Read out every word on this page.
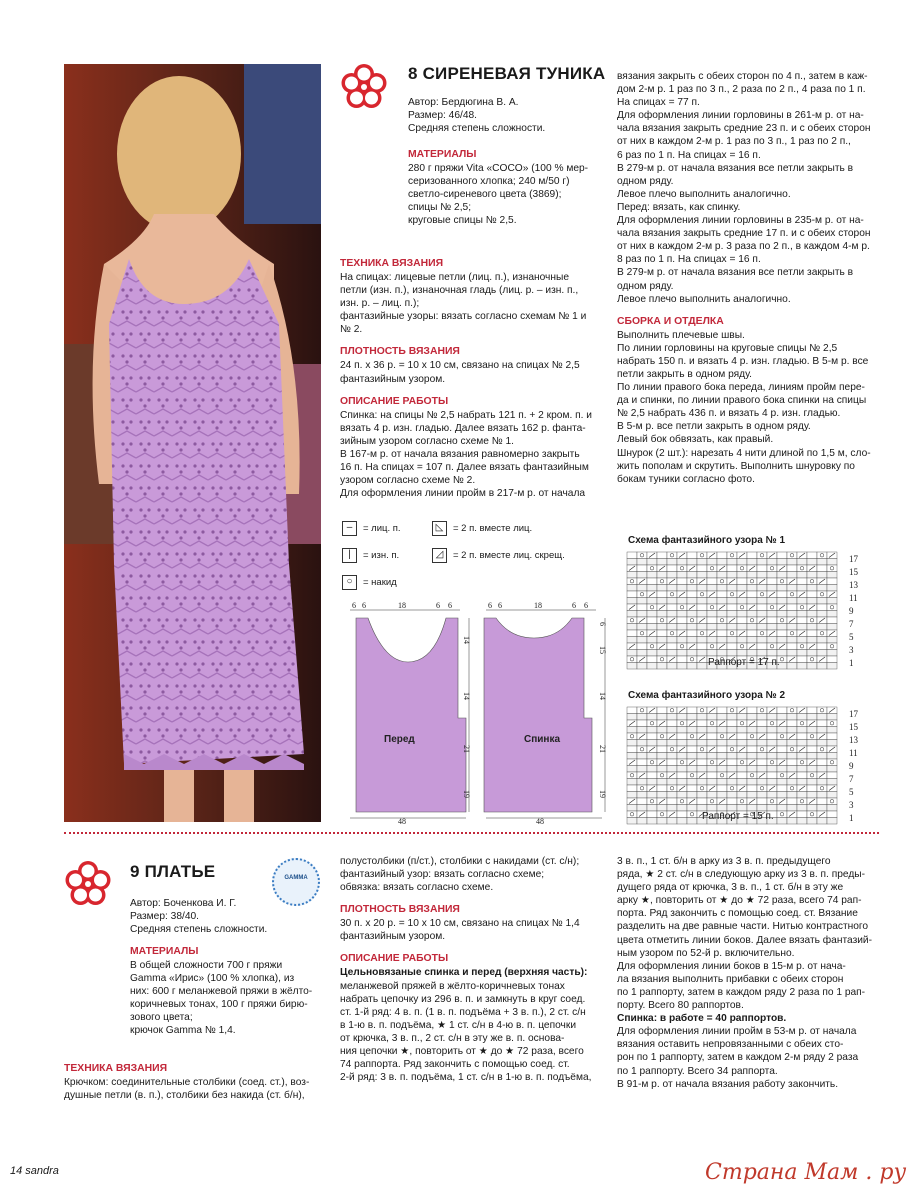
8 СИРЕНЕВАЯ ТУНИКА
Автор: Бердюгина В. А.
Размер: 46/48.
Средняя степень сложности.
МАТЕРИАЛЫ
280 г пряжи Vita «COCO» (100 % мер-
серизованного хлопка; 240 м/50 г)
светло-сиреневого цвета (3869);
спицы № 2,5;
круговые спицы № 2,5.
ТЕХНИКА ВЯЗАНИЯ
На спицах: лицевые петли (лиц. п.), изнаночные
петли (изн. п.), изнаночная гладь (лиц. р. – изн. п.,
изн. р. – лиц. п.);
фантазийные узоры: вязать согласно схемам № 1 и
№ 2.
ПЛОТНОСТЬ ВЯЗАНИЯ
24 п. х 36 р. = 10 х 10 см, связано на спицах № 2,5
фантазийным узором.
ОПИСАНИЕ РАБОТЫ
Спинка: на спицы № 2,5 набрать 121 п. + 2 кром. п. и
вязать 4 р. изн. гладью. Далее вязать 162 р. фанта-
зийным узором согласно схеме № 1.
В 167-м р. от начала вязания равномерно закрыть
16 п. На спицах = 107 п. Далее вязать фантазийным
узором согласно схеме № 2.
Для оформления линии пройм в 217-м р. от начала
– = лиц. п.	◺ = 2 п. вместе лиц.
| = изн. п.	◿ = 2 п. вместе лиц. скрещ.
○ = накид
6 6	18	6 6
14
14
21
19
48
Перед
6 6	18	6 6
6
15
14
21
19
48
Спинка
вязания закрыть с обеих сторон по 4 п., затем в каж-
дом 2-м р. 1 раз по 3 п., 2 раза по 2 п., 4 раза по 1 п.
На спицах = 77 п.
Для оформления линии горловины в 261-м р. от на-
чала вязания закрыть средние 23 п. и с обеих сторон
от них в каждом 2-м р. 1 раз по 3 п., 1 раз по 2 п.,
6 раз по 1 п. На спицах = 16 п.
В 279-м р. от начала вязания все петли закрыть в
одном ряду.
Левое плечо выполнить аналогично.
Перед: вязать, как спинку.
Для оформления линии горловины в 235-м р. от на-
чала вязания закрыть средние 17 п. и с обеих сторон
от них в каждом 2-м р. 3 раза по 2 п., в каждом 4-м р.
8 раз по 1 п. На спицах = 16 п.
В 279-м р. от начала вязания все петли закрыть в
одном ряду.
Левое плечо выполнить аналогично.
СБОРКА И ОТДЕЛКА
Выполнить плечевые швы.
По линии горловины на круговые спицы № 2,5
набрать 150 п. и вязать 4 р. изн. гладью. В 5-м р. все
петли закрыть в одном ряду.
По линии правого бока переда, линиям пройм пере-
да и спинки, по линии правого бока спинки на спицы
№ 2,5 набрать 436 п. и вязать 4 р. изн. гладью.
В 5-м р. все петли закрыть в одном ряду.
Левый бок обвязать, как правый.
Шнурок (2 шт.): нарезать 4 нити длиной по 1,5 м, сло-
жить пополам и скрутить. Выполнить шнуровку по
бокам туники согласно фото.
Схема фантазийного узора № 1
17
15
13
11
9
7
5
3
1
Раппорт = 17 п.
Схема фантазийного узора № 2
17
15
13
11
9
7
5
3
1
Раппорт = 15 п.
9 ПЛАТЬЕ	GAMMA
Автор: Боченкова И. Г.
Размер: 38/40.
Средняя степень сложности.
МАТЕРИАЛЫ
В общей сложности 700 г пряжи
Gamma «Ирис» (100 % хлопка), из
них: 600 г меланжевой пряжи в жёлто-
коричневых тонах, 100 г пряжи бирю-
зового цвета;
крючок Gamma № 1,4.
ТЕХНИКА ВЯЗАНИЯ
Крючком: соединительные столбики (соед. ст.), воз-
душные петли (в. п.), столбики без накида (ст. б/н),
полустолбики (п/ст.), столбики с накидами (ст. с/н);
фантазийный узор: вязать согласно схеме;
обвязка: вязать согласно схеме.
ПЛОТНОСТЬ ВЯЗАНИЯ
30 п. х 20 р. = 10 х 10 см, связано на спицах № 1,4
фантазийным узором.
ОПИСАНИЕ РАБОТЫ
Цельновязаные спинка и перед (верхняя часть):
меланжевой пряжей в жёлто-коричневых тонах
набрать цепочку из 296 в. п. и замкнуть в круг соед.
ст. 1-й ряд: 4 в. п. (1 в. п. подъёма + 3 в. п.), 2 ст. с/н
в 1-ю в. п. подъёма, ★ 1 ст. с/н в 4-ю в. п. цепочки
от крючка, 3 в. п., 2 ст. с/н в эту же в. п. основа-
ния цепочки ★, повторить от ★ до ★ 72 раза, всего
74 раппорта. Ряд закончить с помощью соед. ст.
2-й ряд: 3 в. п. подъёма, 1 ст. с/н в 1-ю в. п. подъёма,
3 в. п., 1 ст. б/н в арку из 3 в. п. предыдущего
ряда, ★ 2 ст. с/н в следующую арку из 3 в. п. преды-
дущего ряда от крючка, 3 в. п., 1 ст. б/н в эту же
арку ★, повторить от ★ до ★ 72 раза, всего 74 рап-
порта. Ряд закончить с помощью соед. ст. Вязание
разделить на две равные части. Нитью контрастного
цвета отметить линии боков. Далее вязать фантазий-
ным узором по 52-й р. включительно.
Для оформления линии боков в 15-м р. от нача-
ла вязания выполнить прибавки с обеих сторон
по 1 раппорту, затем в каждом ряду 2 раза по 1 рап-
порту. Всего 80 раппортов.
Спинка: в работе = 40 раппортов.
Для оформления линии пройм в 53-м р. от начала
вязания оставить непровязанными с обеих сто-
рон по 1 раппорту, затем в каждом 2-м ряду 2 раза
по 1 раппорту. Всего 34 раппорта.
В 91-м р. от начала вязания работу закончить.
14 sandra	Страна Мам . ру
